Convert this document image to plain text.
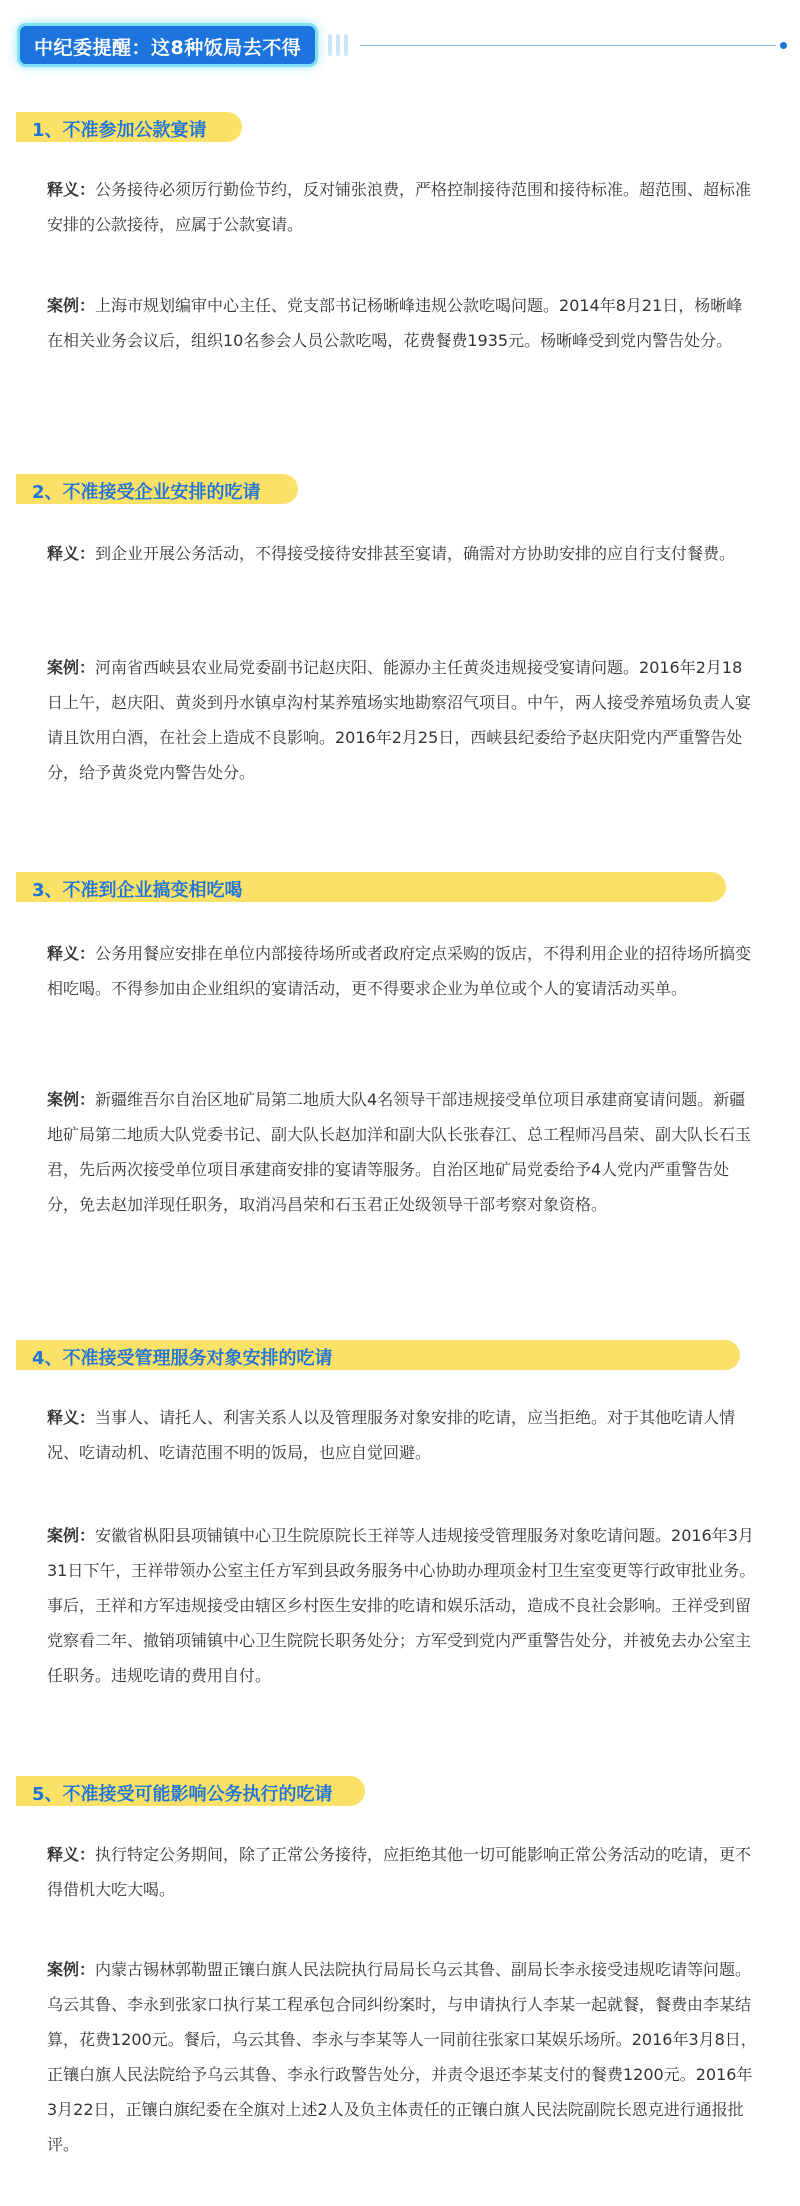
中纪委提醒：这8种饭局去不得
1、不准参加公款宴请

释义：公务接待必须厉行勤俭节约，反对铺张浪费，严格控制接待范围和接待标准。超范围、超标准安排的公款接待，应属于公款宴请。

案例：上海市规划编审中心主任、党支部书记杨晰峰违规公款吃喝问题。2014年8月21日，杨晰峰在相关业务会议后，组织10名参会人员公款吃喝，花费餐费1935元。杨晰峰受到党内警告处分。

2、不准接受企业安排的吃请

释义：到企业开展公务活动，不得接受接待安排甚至宴请，确需对方协助安排的应自行支付餐费。

案例：河南省西峡县农业局党委副书记赵庆阳、能源办主任黄炎违规接受宴请问题。2016年2月18日上午，赵庆阳、黄炎到丹水镇卓沟村某养殖场实地勘察沼气项目。中午，两人接受养殖场负责人宴请且饮用白酒，在社会上造成不良影响。2016年2月25日，西峡县纪委给予赵庆阳党内严重警告处分，给予黄炎党内警告处分。

3、不准到企业搞变相吃喝

释义：公务用餐应安排在单位内部接待场所或者政府定点采购的饭店，不得利用企业的招待场所搞变相吃喝。不得参加由企业组织的宴请活动，更不得要求企业为单位或个人的宴请活动买单。

案例：新疆维吾尔自治区地矿局第二地质大队4名领导干部违规接受单位项目承建商宴请问题。新疆地矿局第二地质大队党委书记、副大队长赵加洋和副大队长张春江、总工程师冯昌荣、副大队长石玉君，先后两次接受单位项目承建商安排的宴请等服务。自治区地矿局党委给予4人党内严重警告处分，免去赵加洋现任职务，取消冯昌荣和石玉君正处级领导干部考察对象资格。

4、不准接受管理服务对象安排的吃请

释义：当事人、请托人、利害关系人以及管理服务对象安排的吃请，应当拒绝。对于其他吃请人情况、吃请动机、吃请范围不明的饭局，也应自觉回避。

案例：安徽省枞阳县项铺镇中心卫生院原院长王祥等人违规接受管理服务对象吃请问题。2016年3月31日下午，王祥带领办公室主任方军到县政务服务中心协助办理项金村卫生室变更等行政审批业务。事后，王祥和方军违规接受由辖区乡村医生安排的吃请和娱乐活动，造成不良社会影响。王祥受到留党察看二年、撤销项铺镇中心卫生院院长职务处分；方军受到党内严重警告处分，并被免去办公室主任职务。违规吃请的费用自付。

5、不准接受可能影响公务执行的吃请

释义：执行特定公务期间，除了正常公务接待，应拒绝其他一切可能影响正常公务活动的吃请，更不得借机大吃大喝。

案例：内蒙古锡林郭勒盟正镶白旗人民法院执行局局长乌云其鲁、副局长李永接受违规吃请等问题。乌云其鲁、李永到张家口执行某工程承包合同纠纷案时，与申请执行人李某一起就餐，餐费由李某结算，花费1200元。餐后，乌云其鲁、李永与李某等人一同前往张家口某娱乐场所。2016年3月8日，正镶白旗人民法院给予乌云其鲁、李永行政警告处分，并责令退还李某支付的餐费1200元。2016年3月22日，正镶白旗纪委在全旗对上述2人及负主体责任的正镶白旗人民法院副院长恩克进行通报批评。
